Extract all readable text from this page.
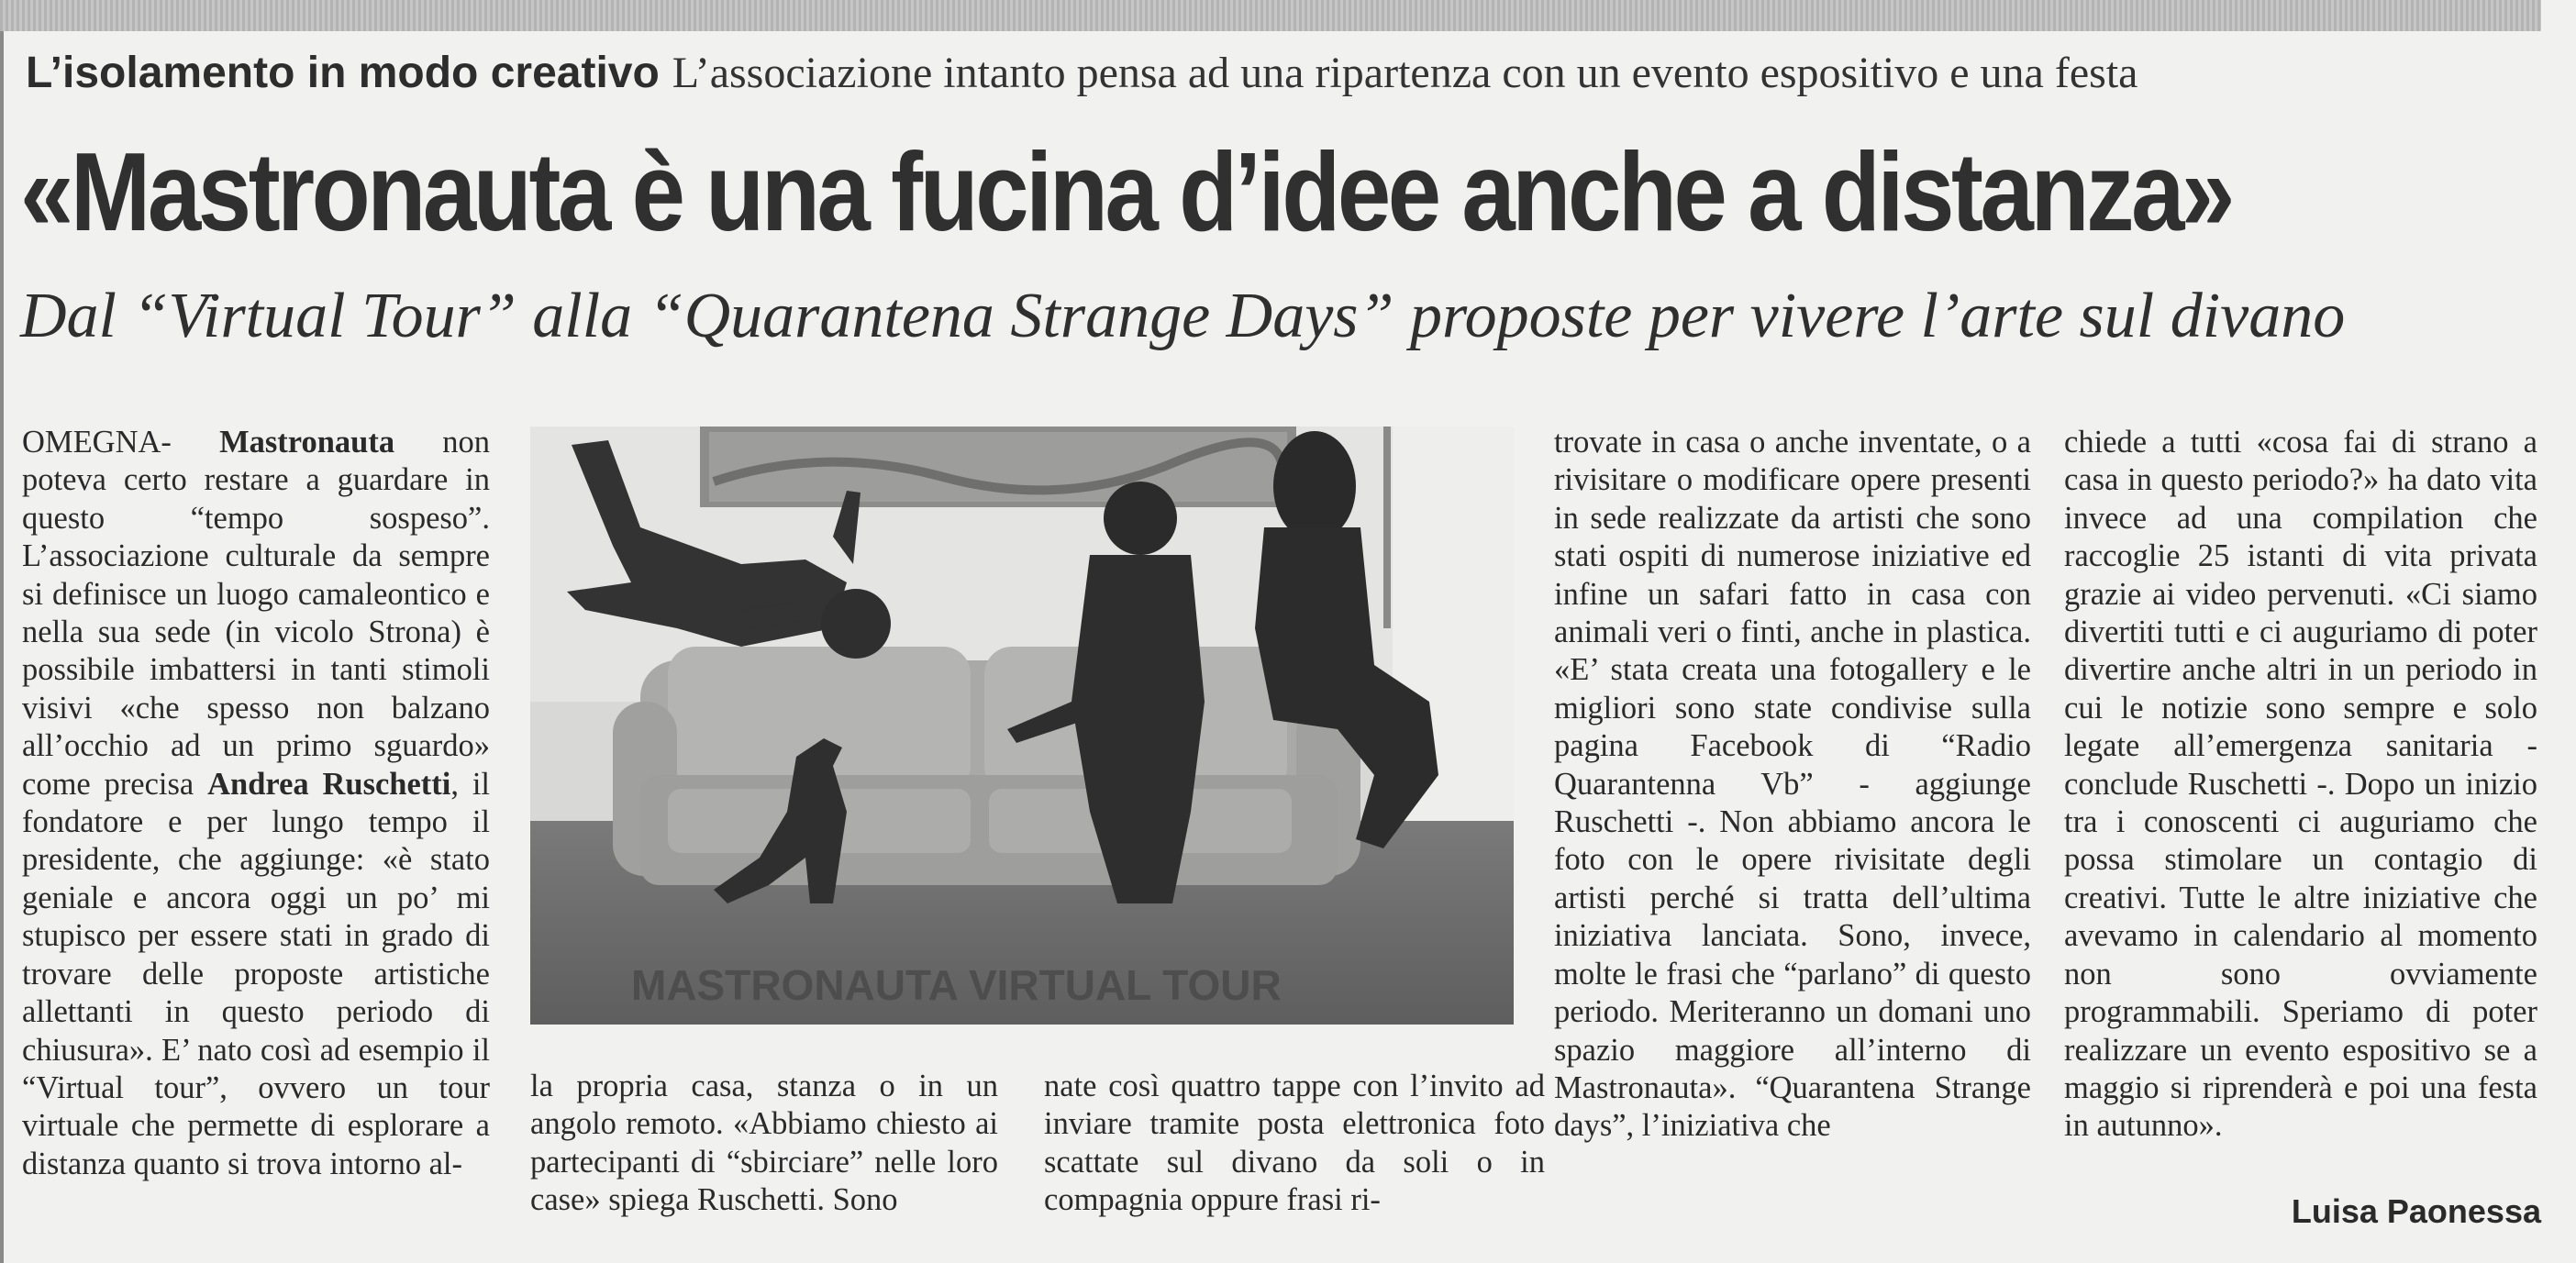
L’isolamento in modo creativo L’associazione intanto pensa ad una ripartenza con un evento espositivo e una festa
«Mastronauta è una fucina d’idee anche a distanza»
Dal “Virtual Tour” alla “Quarantena Strange Days” proposte per vivere l’arte sul divano

OMEGNA- Mastronauta non poteva certo restare a guardare in questo “tempo sospeso”. L’associazione culturale da sempre si definisce un luogo camaleontico e nella sua sede (in vicolo Strona) è possibile imbattersi in tanti stimoli visivi «che spesso non balzano all’occhio ad un primo sguardo» come precisa Andrea Ruschetti, il fondatore e per lungo tempo il presidente, che aggiunge: «è stato geniale e ancora oggi un po’ mi stupisco per essere stati in grado di trovare delle proposte artistiche allettanti in questo periodo di chiusura». E’ nato così ad esempio il “Virtual tour”, ovvero un tour virtuale che permette di esplorare a distanza quanto si trova intorno al-

MASTRONAUTA VIRTUAL TOUR

la propria casa, stanza o in un angolo remoto. «Abbiamo chiesto ai partecipanti di “sbirciare” nelle loro case» spiega Ruschetti. Sono

nate così quattro tappe con l’invito ad inviare tramite posta elettronica foto scattate sul divano da soli o in compagnia oppure frasi ri-

trovate in casa o anche inventate, o a rivisitare o modificare opere presenti in sede realizzate da artisti che sono stati ospiti di numerose iniziative ed infine un safari fatto in casa con animali veri o finti, anche in plastica. «E’ stata creata una fotogallery e le migliori sono state condivise sulla pagina Facebook di “Radio Quarantenna Vb” - aggiunge Ruschetti -. Non abbiamo ancora le foto con le opere rivisitate degli artisti perché si tratta dell’ultima iniziativa lanciata. Sono, invece, molte le frasi che “parlano” di questo periodo. Meriteranno un domani uno spazio maggiore all’interno di Mastronauta». “Quarantena Strange days”, l’iniziativa che

chiede a tutti «cosa fai di strano a casa in questo periodo?» ha dato vita invece ad una compilation che raccoglie 25 istanti di vita privata grazie ai video pervenuti. «Ci siamo divertiti tutti e ci auguriamo di poter divertire anche altri in un periodo in cui le notizie sono sempre e solo legate all’emergenza sanitaria - conclude Ruschetti -. Dopo un inizio tra i conoscenti ci auguriamo che possa stimolare un contagio di creativi. Tutte le altre iniziative che avevamo in calendario al momento non sono ovviamente programmabili. Speriamo di poter realizzare un evento espositivo se a maggio si riprenderà e poi una festa in autunno».

Luisa Paonessa
